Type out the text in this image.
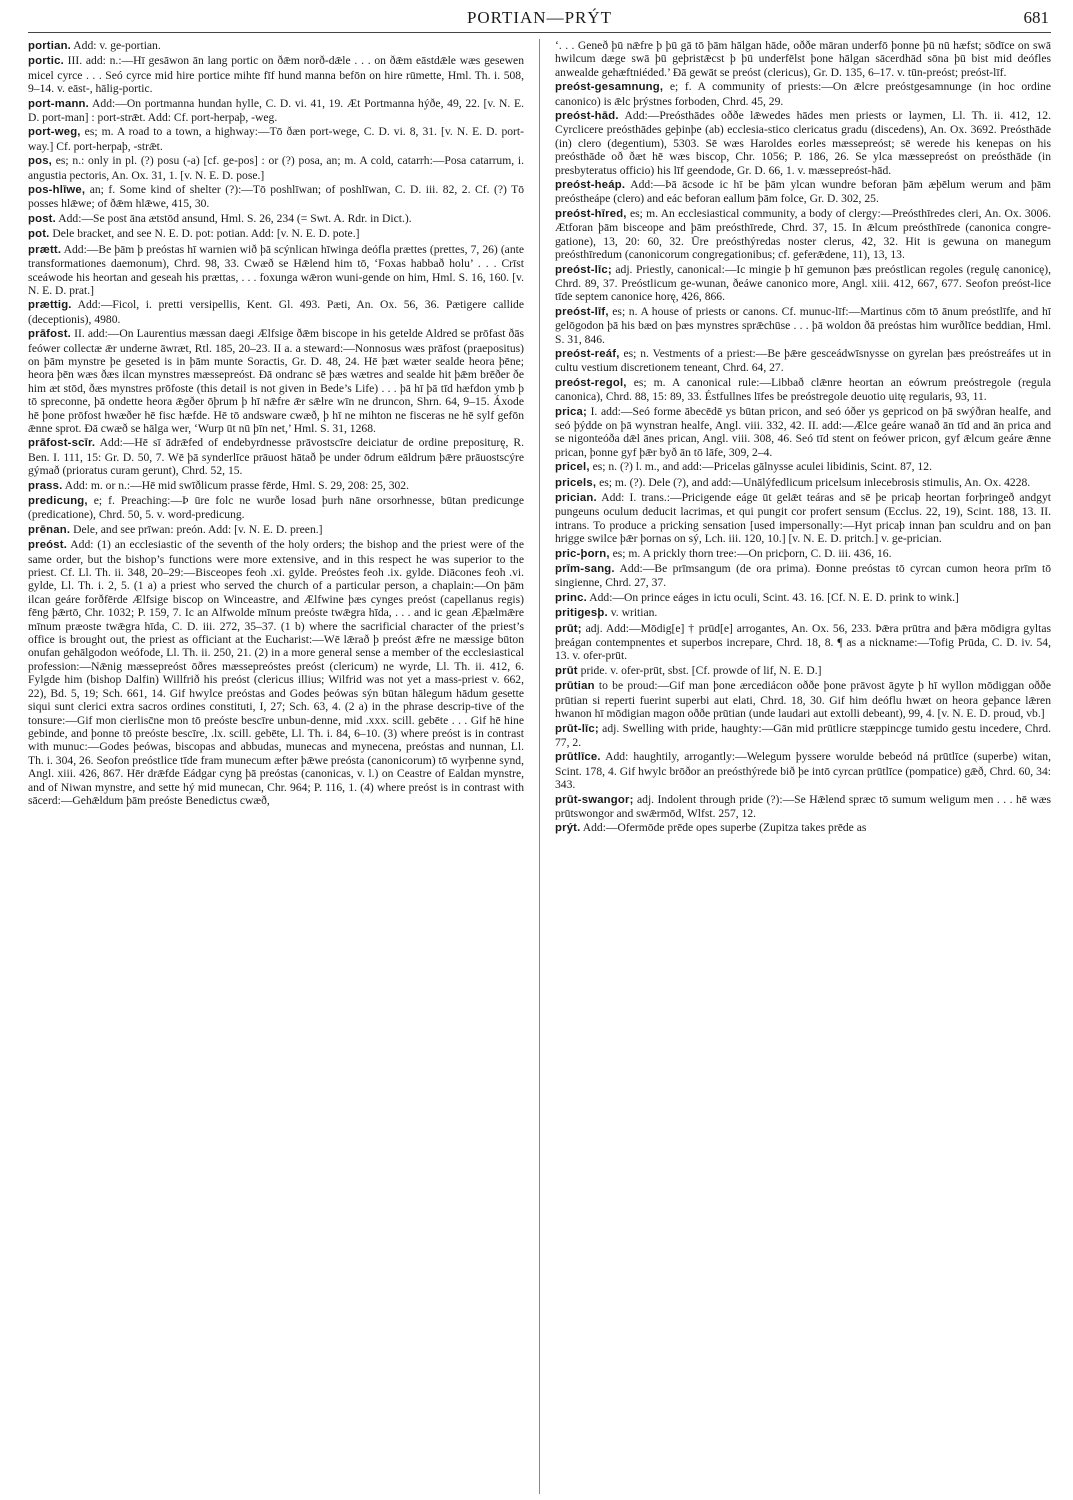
PORTIAN—PRÝT	681

portian. Add: v. ge-portian.

portic. III. add: n.:—Hī gesāwon ān lang portic on ðǣm norð-dǣle . . . on ðǣm eāstdǣle wæs gesewen micel cyrce . . . Seó cyrce mid hire portice mihte fīf hund manna befōn on hire rūmette, Hml. Th. i. 508, 9–14. v. eāst-, hālig-portic.

port-mann. Add:—On portmanna hundan hylle, C. D. vi. 41, 19. Æt Portmanna hýðe, 49, 22. [v. N. E. D. port-man] : port-strǣt. Add: Cf. port-herpaþ, -weg.

port-weg, es; m. A road to a town, a highway:—Tō ðæn port-wege, C. D. vi. 8, 31. [v. N. E. D. port-way.] Cf. port-herpaþ, -strǣt.

pos, es; n.: only in pl. (?) posu (-a) [cf. ge-pos] : or (?) posa, an; m. A cold, catarrh:—Posa catarrum, i. angustia pectoris, An. Ox. 31, 1. [v. N. E. D. pose.]

pos-hlīwe, an; f. Some kind of shelter (?):—Tō poshlīwan; of poshlīwan, C. D. iii. 82, 2. Cf. (?) Tō posses hlǣwe; of ðǣm hlǣwe, 415, 30.

post. Add:—Se post āna ætstōd ansund, Hml. S. 26, 234 (= Swt. A. Rdr. in Dict.).

pot. Dele bracket, and see N. E. D. pot: potian. Add: [v. N. E. D. pote.]

prætt. Add:—Be þām þ preóstas hī warnien wið þā scýnlican hīwinga deófla prættes (prettes, 7, 26) (ante transformationes daemonum), Chrd. 98, 33. Cwæð se Hǣlend him tō, ‘Foxas habbað holu’ . . . Crīst sceáwode his heortan and geseah his prættas, . . . foxunga wǣron wuni-gende on him, Hml. S. 16, 160. [v. N. E. D. prat.]

prættig. Add:—Ficol, i. pretti versipellis, Kent. Gl. 493. Pæti, An. Ox. 56, 36. Pætigere callide (deceptionis), 4980.

prāfost. II. add:—On Laurentius mæssan daegi Ælfsige ðǣm biscope in his getelde Aldred se prōfast ðās feówer collectæ ǣr underne āwræt, Rtl. 185, 20–23. II a. a steward:—Nonnosus wæs prāfost (praepositus) on þām mynstre þe geseted is in þām munte Soractis, Gr. D. 48, 24. Hē þæt wæter sealde heora þēne; heora þēn wæs ðæs ilcan mynstres mæssepreóst. Ðā ondranc sē þæs wætres and sealde hit þǣm brēðer ðe him æt stōd, ðæs mynstres prōfoste (this detail is not given in Bede’s Life) . . . þā hī þā tīd hæfdon ymb þ tō spreconne, þā ondette heora ǣgðer ōþrum þ hī nǣfre ǣr sǣlre wīn ne druncon, Shrn. 64, 9–15. Áxode hē þone prōfost hwæðer hē fisc hæfde. Hē tō andsware cwæð, þ hī ne mihton ne fisceras ne hē sylf gefōn ǣnne sprot. Ðā cwæð se hālga wer, ‘Wurp ūt nū þīn net,’ Hml. S. 31, 1268.

prāfost-scīr. Add:—Hē sī ādrǣfed of endebyrdnesse prāvostscīre deiciatur de ordine prepositurę, R. Ben. I. 111, 15: Gr. D. 50, 7. Wē þā synderlīce prāuost hātað þe under ōdrum eāldrum þǣre prāuostscýre gýmað (prioratus curam gerunt), Chrd. 52, 15.

prass. Add: m. or n.:—Hē mid swīðlicum prasse fērde, Hml. S. 29, 208: 25, 302.

predicung, e; f. Preaching:—Þ ūre folc ne wurðe losad þurh nāne orsorhnesse, būtan predicunge (predicatione), Chrd. 50, 5. v. word-predicung.

prēnan. Dele, and see prīwan: preón. Add: [v. N. E. D. preen.]

preóst. Add: (1) an ecclesiastic of the seventh of the holy orders; the bishop and the priest were of the same order, but the bishop’s functions were more extensive, and in this respect he was superior to the priest. Cf. Ll. Th. ii. 348, 20–29:—Bisceopes feoh .xi. gylde. Preóstes feoh .ix. gylde. Diācones feoh .vi. gylde, Ll. Th. i. 2, 5. (1 a) a priest who served the church of a particular person, a chaplain:—On þām ilcan geáre forðfērde Ælfsige biscop on Winceastre, and Ælfwine þæs cynges preóst (capellanus regis) fēng þǣrtō, Chr. 1032; P. 159, 7. Ic an Alfwolde mīnum preóste twǣgra hīda, . . . and ic gean Æþælmǣre mīnum præoste twǣgra hīda, C. D. iii. 272, 35–37. (1 b) where the sacrificial character of the priest’s office is brought out, the priest as officiant at the Eucharist:—Wē lǣrað þ preóst ǣfre ne mæssige būton onufan gehālgodon weófode, Ll. Th. ii. 250, 21. (2) in a more general sense a member of the ecclesiastical profession:—Nǣnig mæssepreóst ōðres mæssepreóstes preóst (clericum) ne wyrde, Ll. Th. ii. 412, 6. Fylgde him (bishop Dalfin) Willfrið his preóst (clericus illius; Wilfrid was not yet a mass-priest v. 662, 22), Bd. 5, 19; Sch. 661, 14. Gif hwylce preóstas and Godes þeówas sýn būtan hālegum hādum gesette siqui sunt clerici extra sacros ordines constituti, I, 27; Sch. 63, 4. (2 a) in the phrase descrip-tive of the tonsure:—Gif mon cierlisc̄ne mon tō preóste bescīre unbun-denne, mid .xxx. scill. gebēte . . . Gif hē hine gebinde, and þonne tō preóste bescīre, .lx. scill. gebēte, Ll. Th. i. 84, 6–10. (3) where preóst is in contrast with munuc:—Godes þeówas, biscopas and abbudas, munecas and mynecena, preóstas and nunnan, Ll. Th. i. 304, 26. Seofon preóstlice tīde fram munecum æfter þǣwe preósta (canonicorum) tō wyrþenne synd, Angl. xiii. 426, 867. Hēr drǣfde Eádgar cyng þā preóstas (canonicas, v. l.) on Ceastre of Ealdan mynstre, and of Niwan mynstre, and sette hý mid munecan, Chr. 964; P. 116, 1. (4) where preóst is in contrast with sācerd:—Gehǣldum þām preóste Benedictus cwæð,

‘. . . Geneð þū nǣfre þ þū gā tō þām hālgan hāde, oððe māran underfō þonne þū nū hæfst; sōdīce on swā hwilcum dæge swā þū geþristǣcst þ þū underfēlst þone hālgan sācerdhād sōna þū bist mid deófles anwealde gehæftniéded.’ Ðā gewāt se preóst (clericus), Gr. D. 135, 6–17. v. tūn-preóst; preóst-līf.

preóst-gesamnung, e; f. A community of priests:—On ǣlcre preóstgesamnunge (in hoc ordine canonico) is ǣlc þrýstnes forboden, Chrd. 45, 29.

preóst-hād. Add:—Preósthādes oððe lǣwedes hādes men priests or laymen, Ll. Th. ii. 412, 12. Cyrclicere preósthādes geþinþe (ab) ecclesia-stico clericatus gradu (discedens), An. Ox. 3692. Preósthāde (in) clero (degentium), 5303. Sē wæs Haroldes eorles mæssepreóst; sē werede his kenepas on his preósthāde oð ðæt hē wæs biscop, Chr. 1056; P. 186, 26. Se ylca mæssepreóst on preósthāde (in presbyteratus officio) his līf geendode, Gr. D. 66, 1. v. mæssepreóst-hād.

preóst-heáp. Add:—Þā ācsode ic hī be þām ylcan wundre beforan þām æþēlum werum and þām preóstheápe (clero) and eác beforan eallum þām folce, Gr. D. 302, 25.

preóst-hīred, es; m. An ecclesiastical community, a body of clergy:—Preósthīredes cleri, An. Ox. 3006. Ætforan þām bisceope and þām preósthīrede, Chrd. 37, 15. In ǣlcum preósthīrede (canonica congre-gatione), 13, 20: 60, 32. Ūre preósthýredas noster clerus, 42, 32. Hit is gewuna on manegum preósthīredum (canonicorum congregationibus; cf. geferǣdene, 11), 13, 13.

preóst-līc; adj. Priestly, canonical:—Ic mingie þ hī gemunon þæs preóstlican regoles (regulę canonicę), Chrd. 89, 37. Preóstlicum ge-wunan, ðeáwe canonico more, Angl. xiii. 412, 667, 677. Seofon preóst-lice tīde septem canonice horę, 426, 866.

preóst-līf, es; n. A house of priests or canons. Cf. munuc-līf:—Martinus cōm tō ānum preóstlīfe, and hī gelōgodon þā his bæd on þæs mynstres sprǣchūse . . . þā woldon ðā preóstas him wurðlīce beddian, Hml. S. 31, 846.

preóst-reáf, es; n. Vestments of a priest:—Be þǣre gesceádwīsnysse on gyrelan þæs preóstreáfes ut in cultu vestium discretionem teneant, Chrd. 64, 27.

preóst-regol, es; m. A canonical rule:—Libbað clǣnre heortan an eówrum preóstregole (regula canonica), Chrd. 88, 15: 89, 33. Éstfullnes līfes be preóstregole deuotio uitę regularis, 93, 11.

prica; I. add:—Seó forme ābecēdē ys būtan pricon, and seó óðer ys gepricod on þā swýðran healfe, and seó þýdde on þā wynstran healfe, Angl. viii. 332, 42. II. add:—Ælce geáre wanað ān tīd and ān prica and se nigonteóða dǣl ānes prican, Angl. viii. 308, 46. Seó tīd stent on feówer pricon, gyf ǣlcum geáre ǣnne prican, þonne gyf þǣr byð ān tō lāfe, 309, 2–4.

pricel, es; n. (?) l. m., and add:—Pricelas gālnysse aculei libidinis, Scint. 87, 12.

pricels, es; m. (?). Dele (?), and add:—Unālýfedlicum pricelsum inlecebrosis stimulis, An. Ox. 4228.

prician. Add: I. trans.:—Pricigende eáge ūt gelǣt teáras and sē þe pricaþ heortan forþringeð andgyt pungeuns oculum deducit lacrimas, et qui pungit cor profert sensum (Ecclus. 22, 19), Scint. 188, 13. II. intrans. To produce a pricking sensation [used impersonally:—Hyt pricaþ innan þan sculdru and on þan hrigge swilce þǣr þornas on sý, Lch. iii. 120, 10.] [v. N. E. D. pritch.] v. ge-prician.

pric-þorn, es; m. A prickly thorn tree:—On pricþorn, C. D. iii. 436, 16.

prīm-sang. Add:—Be prīmsangum (de ora prima). Ðonne preóstas tō cyrcan cumon heora prīm tō singienne, Chrd. 27, 37.

princ. Add:—On prince eáges in ictu oculi, Scint. 43. 16. [Cf. N. E. D. prink to wink.]

pritigesþ. v. writian.

prūt; adj. Add:—Mōdig[e] † prūd[e] arrogantes, An. Ox. 56, 233. Þǣra prūtra and þǣra mōdigra gyltas þreágan contempnentes et superbos increpare, Chrd. 18, 8. ¶ as a nickname:—Tofig Prūda, C. D. iv. 54, 13. v. ofer-prūt.

prūt pride. v. ofer-prūt, sbst. [Cf. prowde of lif, N. E. D.]

prūtian to be proud:—Gif man þone ærcediácon oððe þone prāvost āgyte þ hī wyllon mōdiggan oððe prūtian si reperti fuerint superbi aut elati, Chrd. 18, 30. Gif him deóflu hwæt on heora geþance lǣren hwanon hī mōdigian magon oððe prūtian (unde laudari aut extolli debeant), 99, 4. [v. N. E. D. proud, vb.]

prūt-līc; adj. Swelling with pride, haughty:—Gān mid prūtlicre stæppincge tumido gestu incedere, Chrd. 77, 2.

prūtlīce. Add: haughtily, arrogantly:—Welegum þyssere worulde bebeód ná prūtlīce (superbe) witan, Scint. 178, 4. Gif hwylc brōðor an preósthýrede bið þe intō cyrcan prūtlīce (pompatice) gǣð, Chrd. 60, 34: 343.

prūt-swangor; adj. Indolent through pride (?):—Se Hǣlend spræc tō sumum weligum men . . . hē wæs prūtswongor and swǣrmōd, Wlfst. 257, 12.

prýt. Add:—Ofermōde prēde opes superbe (Zupitza takes prēde as
